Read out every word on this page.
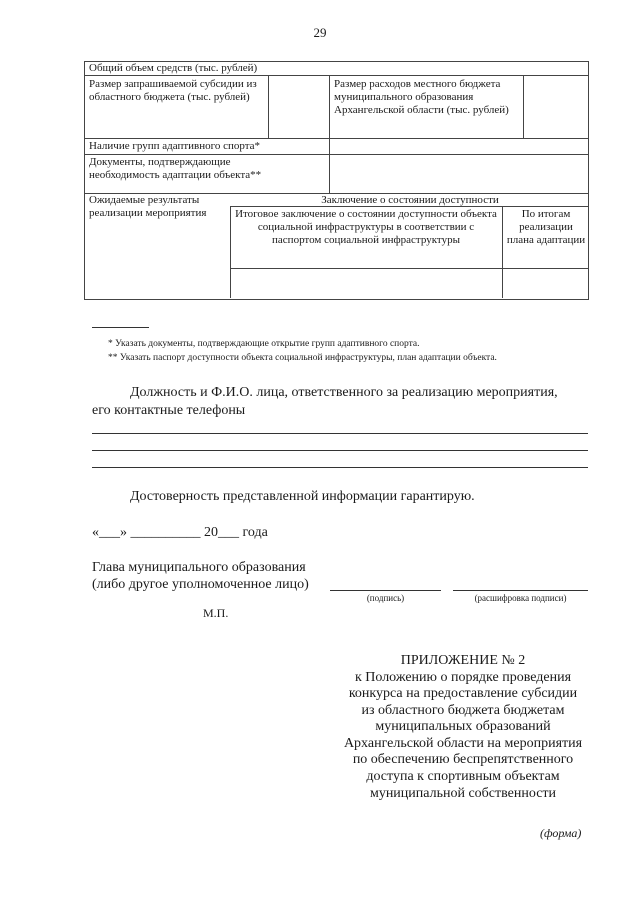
29
Общий объем средств (тыс. рублей)
Размер запрашиваемой субсидии из областного бюджета (тыс. рублей)
Размер расходов местного бюджета муниципального образования Архангельской области (тыс. рублей)
Наличие групп адаптивного спорта*
Документы, подтверждающие необходимость адаптации объекта**
Ожидаемые результаты реализации мероприятия
Заключение о состоянии доступности
Итоговое заключение о состоянии доступности объекта социальной инфраструктуры в соответствии с паспортом социальной инфраструктуры
По итогам реализации плана адаптации
* Указать документы, подтверждающие открытие групп адаптивного спорта.
** Указать паспорт доступности объекта социальной инфраструктуры, план адаптации объекта.
Должность и Ф.И.О. лица, ответственного за реализацию мероприятия,
его контактные телефоны
Достоверность представленной информации гарантирую.
«___» __________ 20___ года
Глава муниципального образования
(либо другое уполномоченное лицо)
(подпись)	(расшифровка подписи)
М.П.
ПРИЛОЖЕНИЕ № 2
к Положению о порядке проведения
конкурса на предоставление субсидии
из областного бюджета бюджетам
муниципальных образований
Архангельской области на мероприятия
по обеспечению беспрепятственного
доступа к спортивным объектам
муниципальной собственности
(форма)
